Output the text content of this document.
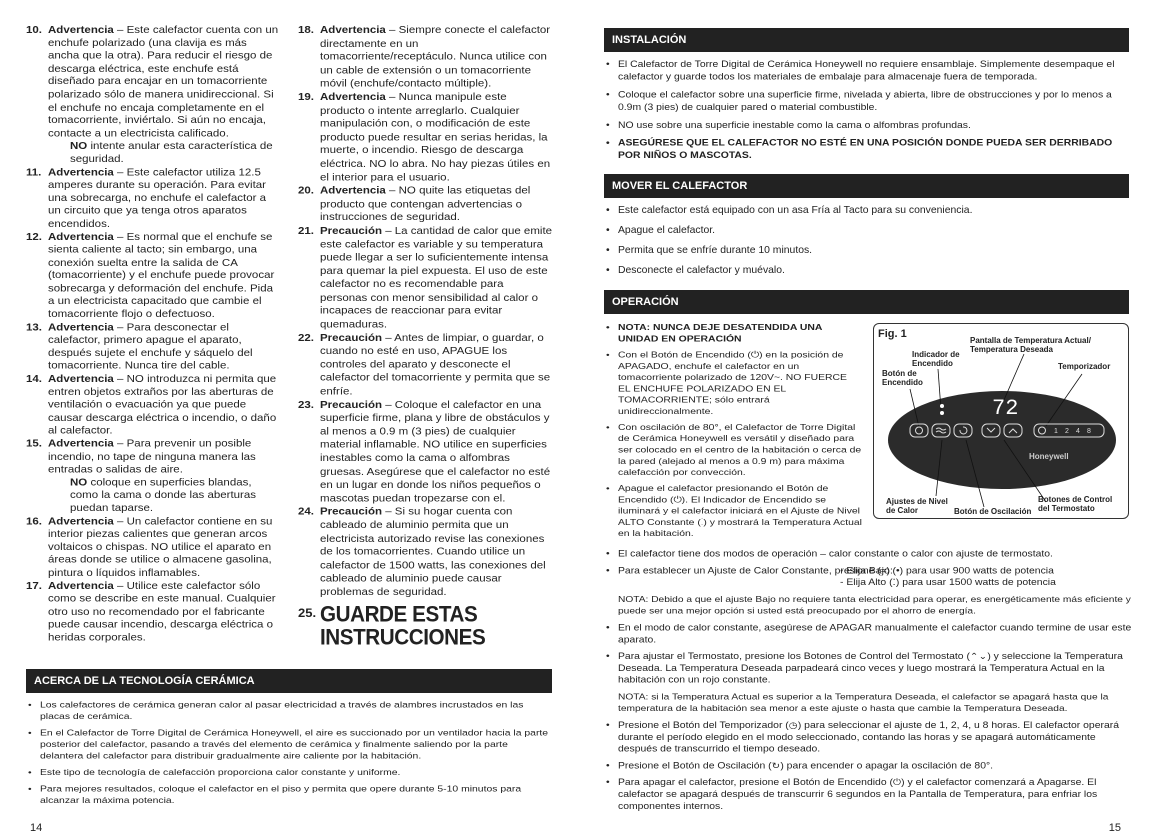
10. Advertencia – Este calefactor cuenta con un enchufe polarizado (una clavija es más ancha que la otra). Para reducir el riesgo de descarga eléctrica, este enchufe está diseñado para encajar en un tomacorriente polarizado sólo de manera unidireccional. Si el enchufe no encaja completamente en el tomacorriente, inviértalo. Si aún no encaja, contacte a un electricista calificado.
NO intente anular esta característica de seguridad.
11. Advertencia – Este calefactor utiliza 12.5 amperes durante su operación. Para evitar una sobrecarga, no enchufe el calefactor a un circuito que ya tenga otros aparatos encendidos.
12. Advertencia – Es normal que el enchufe se sienta caliente al tacto; sin embargo, una conexión suelta entre la salida de CA (tomacorriente) y el enchufe puede provocar sobrecarga y deformación del enchufe. Pida a un electricista capacitado que cambie el tomacorriente flojo o defectuoso.
13. Advertencia – Para desconectar el calefactor, primero apague el aparato, después sujete el enchufe y sáquelo del tomacorriente. Nunca tire del cable.
14. Advertencia – NO introduzca ni permita que entren objetos extraños por las aberturas de ventilación o evacuación ya que puede causar descarga eléctrica o incendio, o daño al calefactor.
15. Advertencia – Para prevenir un posible incendio, no tape de ninguna manera las entradas o salidas de aire.
NO coloque en superficies blandas, como la cama o donde las aberturas puedan taparse.
16. Advertencia – Un calefactor contiene en su interior piezas calientes que generan arcos voltaicos o chispas. NO utilice el aparato en áreas donde se utilice o almacene gasolina, pintura o líquidos inflamables.
17. Advertencia – Utilice este calefactor sólo como se describe en este manual. Cualquier otro uso no recomendado por el fabricante puede causar incendio, descarga eléctrica o heridas corporales.
18. Advertencia – Siempre conecte el calefactor directamente en un tomacorriente/receptáculo. Nunca utilice con un cable de extensión o un tomacorriente móvil (enchufe/contacto múltiple).
19. Advertencia – Nunca manipule este producto o intente arreglarlo. Cualquier manipulación con, o modificación de este producto puede resultar en serias heridas, la muerte, o incendio. Riesgo de descarga eléctrica. NO lo abra. No hay piezas útiles en el interior para el usuario.
20. Advertencia – NO quite las etiquetas del producto que contengan advertencias o instrucciones de seguridad.
21. Precaución – La cantidad de calor que emite este calefactor es variable y su temperatura puede llegar a ser lo suficientemente intensa para quemar la piel expuesta. El uso de este calefactor no es recomendable para personas con menor sensibilidad al calor o incapaces de reaccionar para evitar quemaduras.
22. Precaución – Antes de limpiar, o guardar, o cuando no esté en uso, APAGUE los controles del aparato y desconecte el calefactor del tomacorriente y permita que se enfríe.
23. Precaución – Coloque el calefactor en una superficie firme, plana y libre de obstáculos y al menos a 0.9 m (3 pies) de cualquier material inflamable. NO utilice en superficies inestables como la cama o alfombras gruesas. Asegúrese que el calefactor no esté en un lugar en donde los niños pequeños o mascotas puedan tropezarse con el.
24. Precaución – Si su hogar cuenta con cableado de aluminio permita que un electricista autorizado revise las conexiones de los tomacorrientes. Cuando utilice un calefactor de 1500 watts, las conexiones del cableado de aluminio puede causar problemas de seguridad.
25. GUARDE ESTAS
INSTRUCCIONES
ACERCA DE LA TECNOLOGÍA CERÁMICA
• Los calefactores de cerámica generan calor al pasar electricidad a través de alambres incrustados en las placas de cerámica.
• En el Calefactor de Torre Digital de Cerámica Honeywell, el aire es succionado por un ventilador hacia la parte posterior del calefactor, pasando a través del elemento de cerámica y finalmente saliendo por la parte delantera del calefactor para distribuir gradualmente aire caliente por la habitación.
• Este tipo de tecnología de calefacción proporciona calor constante y uniforme.
• Para mejores resultados, coloque el calefactor en el piso y permita que opere durante 5-10 minutos para alcanzar la máxima potencia.
14
INSTALACIÓN
• El Calefactor de Torre Digital de Cerámica Honeywell no requiere ensamblaje. Simplemente desempaque el calefactor y guarde todos los materiales de embalaje para almacenaje fuera de temporada.
• Coloque el calefactor sobre una superficie firme, nivelada y abierta, libre de obstrucciones y por lo menos a 0.9m (3 pies) de cualquier pared o material combustible.
• NO use sobre una superficie inestable como la cama o alfombras profundas.
• ASEGÚRESE QUE EL CALEFACTOR NO ESTÉ EN UNA POSICIÓN DONDE PUEDA SER DERRIBADO POR NIÑOS O MASCOTAS.
MOVER EL CALEFACTOR
• Este calefactor está equipado con un asa Fría al Tacto para su conveniencia.
• Apague el calefactor.
• Permita que se enfríe durante 10 minutos.
• Desconecte el calefactor y muévalo.
OPERACIÓN
• NOTA: NUNCA DEJE DESATENDIDA UNA UNIDAD EN OPERACIÓN
• Con el Botón de Encendido (⏻) en la posición de APAGADO, enchufe el calefactor en un tomacorriente polarizado de 120V~. NO FUERCE EL ENCHUFE POLARIZADO EN EL TOMACORRIENTE; sólo entrará unidireccionalmente.
• Con oscilación de 80°, el Calefactor de Torre Digital de Cerámica Honeywell es versátil y diseñado para ser colocado en el centro de la habitación o cerca de la pared (alejado al menos a 0.9 m) para máxima calefacción por convección.
• Apague el calefactor presionando el Botón de Encendido (⏻). El Indicador de Encendido se iluminará y el calefactor iniciará en el Ajuste de Nivel ALTO Constante (⁚) y mostrará la Temperatura Actual en la habitación.
• El calefactor tiene dos modos de operación – calor constante o calor con ajuste de termostato.
• Para establecer un Ajuste de Calor Constante, presione (≈):
- Elija Bajo (•) para usar 900 watts de potencia
- Elija Alto (⁚) para usar 1500 watts de potencia
NOTA: Debido a que el ajuste Bajo no requiere tanta electricidad para operar, es energéticamente más eficiente y puede ser una mejor opción si usted está preocupado por el ahorro de energía.
• En el modo de calor constante, asegúrese de APAGAR manualmente el calefactor cuando termine de usar este aparato.
• Para ajustar el Termostato, presione los Botones de Control del Termostato (⌃⌄) y seleccione la Temperatura Deseada. La Temperatura Deseada parpadeará cinco veces y luego mostrará la Temperatura Actual en la habitación con un rojo constante.
NOTA: si la Temperatura Actual es superior a la Temperatura Deseada, el calefactor se apagará hasta que la temperatura de la habitación sea menor a este ajuste o hasta que cambie la Temperatura Deseada.
• Presione el Botón del Temporizador (◷) para seleccionar el ajuste de 1, 2, 4, u 8 horas. El calefactor operará durante el período elegido en el modo seleccionado, contando las horas y se apagará automáticamente después de transcurrido el tiempo deseado.
• Presione el Botón de Oscilación (↻) para encender o apagar la oscilación de 80°.
• Para apagar el calefactor, presione el Botón de Encendido (⏻) y el calefactor comenzará a Apagarse. El calefactor se apagará después de transcurrir 6 segundos en la Pantalla de Temperatura, para enfriar los componentes internos.
15
Fig. 1
Pantalla de Temperatura Actual/ Temperatura Deseada
Indicador de Encendido
Botón de Encendido
Temporizador
Ajustes de Nivel de Calor	Botón de Oscilación
Botones de Control del Termostato
72
1 2 4 8
Honeywell
